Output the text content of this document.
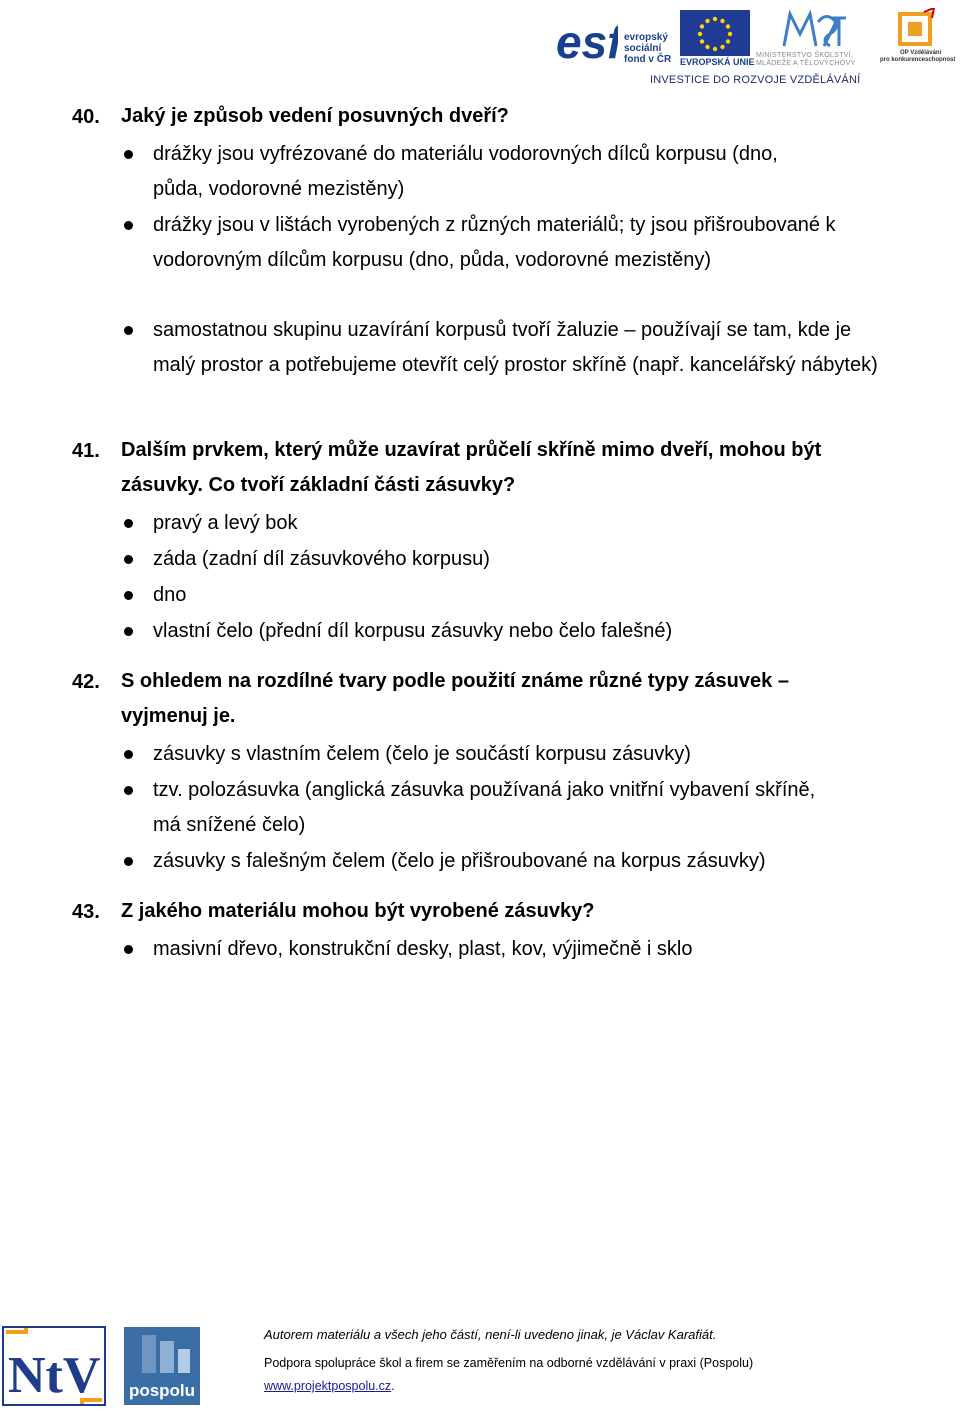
esf evropský
sociální
fond v ČR EVROPSKÁ UNIE
MINISTERSTVO ŠKOLSTVÍ,
MLÁDEŽE A TĚLOVÝCHOVY
OP Vzdělávání
pro konkurenceschopnost
INVESTICE DO ROZVOJE VZDĚLÁVÁNÍ
40. Jaký je způsob vedení posuvných dveří?
drážky jsou vyfrézované do materiálu vodorovných dílců korpusu (dno, půda, vodorovné mezistěny)
drážky jsou v lištách vyrobených z různých materiálů; ty jsou přišroubované k vodorovným dílcům korpusu (dno, půda, vodorovné mezistěny)
samostatnou skupinu uzavírání korpusů tvoří žaluzie – používají se tam, kde je malý prostor a potřebujeme otevřít celý prostor skříně (např. kancelářský nábytek)
41. Dalším prvkem, který může uzavírat průčelí skříně mimo dveří, mohou být zásuvky. Co tvoří základní části zásuvky?
pravý a levý bok
záda (zadní díl zásuvkového korpusu)
dno
vlastní čelo (přední díl korpusu zásuvky nebo čelo falešné)
42. S ohledem na rozdílné tvary podle použití známe různé typy zásuvek – vyjmenuj je.
zásuvky s vlastním čelem (čelo je součástí korpusu zásuvky)
tzv. polozásuvka (anglická zásuvka používaná jako vnitřní vybavení skříně, má snížené čelo)
zásuvky s falešným čelem (čelo je přišroubované na korpus zásuvky)
43. Z jakého materiálu mohou být vyrobené zásuvky?
masivní dřevo, konstrukční desky, plast, kov, výjimečně i sklo
NtV pospolu
Autorem materiálu a všech jeho částí, není-li uvedeno jinak, je Václav Karafiát.
Podpora spolupráce škol a firem se zaměřením na odborné vzdělávání v praxi (Pospolu)
www.projektpospolu.cz.
